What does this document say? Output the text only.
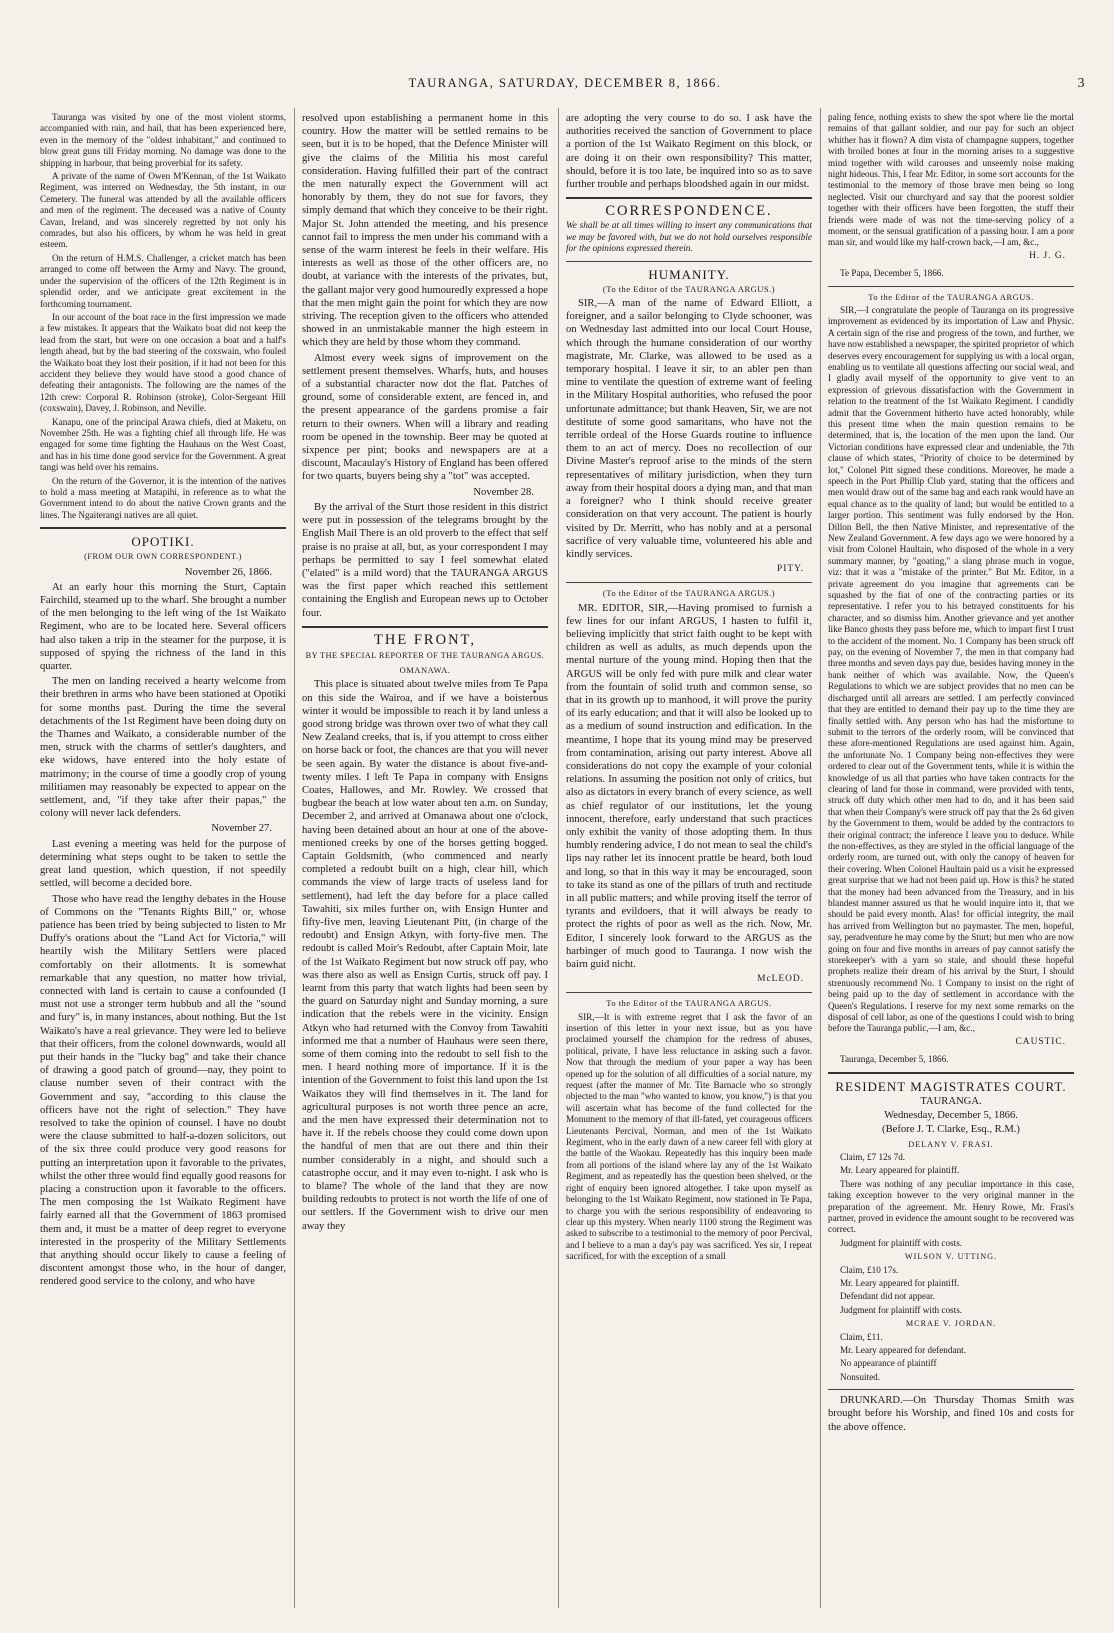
TAURANGA, SATURDAY, DECEMBER 8, 1866.	3

Tauranga was visited by one of the most violent storms, accompanied with rain, and hail, that has been experienced here, even in the memory of the "oldest inhabitant," and continued to blow great guns till Friday morning. No damage was done to the shipping in harbour, that being proverbial for its safety.

A private of the name of Owen M'Kennan, of the 1st Waikato Regiment, was interred on Wednesday, the 5th instant, in our Cemetery. The funeral was attended by all the available officers and men of the regiment. The deceased was a native of County Cavan, Ireland, and was sincerely regretted by not only his comrades, but also his officers, by whom he was held in great esteem.

On the return of H.M.S. Challenger, a cricket match has been arranged to come off between the Army and Navy. The ground, under the supervision of the officers of the 12th Regiment is in splendid order, and we anticipate great excitement in the forthcoming tournament.

In our account of the boat race in the first impression we made a few mistakes. It appears that the Waikato boat did not keep the lead from the start, but were on one occasion a boat and a half's length ahead, but by the bad steering of the coxswain, who fouled the Waikato boat they lost their position, if it had not been for this accident they believe they would have stood a good chance of defeating their antagonists. The following are the names of the 12th crew: Corporal R. Robinson (stroke), Color-Sergeant Hill (coxswain), Davey, J. Robinson, and Neville.

Kanapu, one of the principal Arawa chiefs, died at Maketu, on November 25th. He was a fighting chief all through life. He was engaged for some time fighting the Hauhaus on the West Coast, and has in his time done good service for the Government. A great tangi was held over his remains.

On the return of the Governor, it is the intention of the natives to hold a mass meeting at Matapihi, in reference as to what the Government intend to do about the native Crown grants and the lines. The Ngaiterangi natives are all quiet.

OPOTIKI.
(FROM OUR OWN CORRESPONDENT.)
November 26, 1866.

At an early hour this morning the Sturt, Captain Fairchild, steamed up to the wharf. She brought a number of the men belonging to the left wing of the 1st Waikato Regiment, who are to be located here. Several officers had also taken a trip in the steamer for the purpose, it is supposed of spying the richness of the land in this quarter.

The men on landing received a hearty welcome from their brethren in arms who have been stationed at Opotiki for some months past. During the time the several detachments of the 1st Regiment have been doing duty on the Thames and Waikato, a considerable number of the men, struck with the charms of settler's daughters, and eke widows, have entered into the holy estate of matrimony; in the course of time a goodly crop of young militiamen may reasonably be expected to appear on the settlement, and, "if they take after their papas," the colony will never lack defenders.

November 27.

Last evening a meeting was held for the purpose of determining what steps ought to be taken to settle the great land question, which question, if not speedily settled, will become a decided bore.

Those who have read the lengthy debates in the House of Commons on the "Tenants Rights Bill," or, whose patience has been tried by being subjected to listen to Mr Duffy's orations about the "Land Act for Victoria," will heartily wish the Military Settlers were placed comfortably on their allotments. It is somewhat remarkable that any question, no matter how trivial, connected with land is certain to cause a confounded (I must not use a stronger term hubbub and all the "sound and fury" is, in many instances, about nothing. But the 1st Waikato's have a real grievance. They were led to believe that their officers, from the colonel downwards, would all put their hands in the "lucky bag" and take their chance of drawing a good patch of ground—nay, they point to clause number seven of their contract with the Government and say, "according to this clause the officers have not the right of selection." They have resolved to take the opinion of counsel. I have no doubt were the clause submitted to half-a-dozen solicitors, out of the six three could produce very good reasons for putting an interpretation upon it favorable to the privates, whilst the other three would find equally good reasons for placing a construction upon it favorable to the officers. The men composing the 1st Waikato Regiment have fairly earned all that the Government of 1863 promised them and, it must be a matter of deep regret to everyone interested in the prosperity of the Military Settlements that anything should occur likely to cause a feeling of discontent amongst those who, in the hour of danger, rendered good service to the colony, and who have

resolved upon establishing a permanent home in this country. How the matter will be settled remains to be seen, but it is to be hoped, that the Defence Minister will give the claims of the Militia his most careful consideration. Having fulfilled their part of the contract the men naturally expect the Government will act honorably by them, they do not sue for favors, they simply demand that which they conceive to be their right. Major St. John attended the meeting, and his presence cannot fail to impress the men under his command with a sense of the warm interest he feels in their welfare. His interests as well as those of the other officers are, no doubt, at variance with the interests of the privates, but, the gallant major very good humouredly expressed a hope that the men might gain the point for which they are now striving. The reception given to the officers who attended showed in an unmistakable manner the high esteem in which they are held by those whom they command.

Almost every week signs of improvement on the settlement present themselves. Wharfs, huts, and houses of a substantial character now dot the flat. Patches of ground, some of considerable extent, are fenced in, and the present appearance of the gardens promise a fair return to their owners. When will a library and reading room be opened in the township. Beer may be quoted at sixpence per pint; books and newspapers are at a discount, Macaulay's History of England has been offered for two quarts, buyers being shy a "tot" was accepted.

November 28.

By the arrival of the Sturt those resident in this district were put in possession of the telegrams brought by the English Mail There is an old proverb to the effect that self praise is no praise at all, but, as your correspondent I may perhaps be permitted to say I feel somewhat elated ("elated" is a mild word) that the TAURANGA ARGUS was the first paper which reached this settlement containing the English and European news up to October four.

THE FRONT,
BY THE SPECIAL REPORTER OF THE TAURANGA ARGUS.
OMANAWA.

This place is situated about twelve miles from Te Papa on this side the Wairoa, and if we have a boisterous winter it would be impossible to reach it by land unless a good strong bridge was thrown over two of what they call New Zealand creeks, that is, if you attempt to cross either on horse back or foot, the chances are that you will never be seen again. By water the distance is about five-and-twenty miles. I left Te Papa in company with Ensigns Coates, Hallowes, and Mr. Rowley. We crossed that bugbear the beach at low water about ten a.m. on Sunday, December 2, and arrived at Omanawa about one o'clock, having been detained about an hour at one of the above-mentioned creeks by one of the horses getting bogged. Captain Goldsmith, (who commenced and nearly completed a redoubt built on a high, clear hill, which commands the view of large tracts of useless land for settlement), had left the day before for a place called Tawahiti, six miles further on, with Ensign Hunter and fifty-five men, leaving Lieutenant Pitt, (in charge of the redoubt) and Ensign Atkyn, with forty-five men. The redoubt is called Moir's Redoubt, after Captain Moir, late of the 1st Waikato Regiment but now struck off pay, who was there also as well as Ensign Curtis, struck off pay. I learnt from this party that watch lights had been seen by the guard on Saturday night and Sunday morning, a sure indication that the rebels were in the vicinity. Ensign Atkyn who had returned with the Convoy from Tawahiti informed me that a number of Hauhaus were seen there, some of them coming into the redoubt to sell fish to the men. I heard nothing more of importance. If it is the intention of the Government to foist this land upon the 1st Waikatos they will find themselves in it. The land for agricultural purposes is not worth three pence an acre, and the men have expressed their determination not to have it. If the rebels choose they could come down upon the handful of men that are out there and thin their number considerably in a night, and should such a catastrophe occur, and it may even to-night. I ask who is to blame? The whole of the land that they are now building redoubts to protect is not worth the life of one of our settlers. If the Government wish to drive our men away they

are adopting the very course to do so. I ask have the authorities received the sanction of Government to place a portion of the 1st Waikato Regiment on this block, or are doing it on their own responsibility? This matter, should, before it is too late, be inquired into so as to save further trouble and perhaps bloodshed again in our midst.

CORRESPONDENCE.
We shall be at all times willing to insert any communications that we may be favored with, but we do not hold ourselves responsible for the opinions expressed therein.
HUMANITY.
(To the Editor of the TAURANGA ARGUS.)

SIR,—A man of the name of Edward Elliott, a foreigner, and a sailor belonging to Clyde schooner, was on Wednesday last admitted into our local Court House, which through the humane consideration of our worthy magistrate, Mr. Clarke, was allowed to be used as a temporary hospital. I leave it sir, to an abler pen than mine to ventilate the question of extreme want of feeling in the Military Hospital authorities, who refused the poor unfortunate admittance; but thank Heaven, Sir, we are not destitute of some good samaritans, who have not the terrible ordeal of the Horse Guards routine to influence them to an act of mercy. Does no recollection of our Divine Master's reproof arise to the minds of the stern representatives of military jurisdiction, when they turn away from their hospital doors a dying man, and that man a foreigner? who I think should receive greater consideration on that very account. The patient is hourly visited by Dr. Merritt, who has nobly and at a personal sacrifice of very valuable time, volunteered his able and kindly services.

PITY.
(To the Editor of the TAURANGA ARGUS.)

MR. EDITOR, SIR,—Having promised to furnish a few lines for our infant ARGUS, I hasten to fulfil it, believing implicitly that strict faith ought to be kept with children as well as adults, as much depends upon the mental nurture of the young mind. Hoping then that the ARGUS will be only fed with pure milk and clear water from the fountain of solid truth and common sense, so that in its growth up to manhood, it will prove the purity of its early education; and that it will also be looked up to as a medium of sound instruction and edification. In the meantime, I hope that its young mind may be preserved from contamination, arising out party interest. Above all considerations do not copy the example of your colonial relations. In assuming the position not only of critics, but also as dictators in every branch of every science, as well as chief regulator of our institutions, let the young innocent, therefore, early understand that such practices only exhibit the vanity of those adopting them. In thus humbly rendering advice, I do not mean to seal the child's lips nay rather let its innocent prattle be heard, both loud and long, so that in this way it may be encouraged, soon to take its stand as one of the pillars of truth and rectitude in all public matters; and while proving itself the terror of tyrants and evildoers, that it will always be ready to protect the rights of poor as well as the rich. Now, Mr. Editor, I sincerely look forward to the ARGUS as the harbinger of much good to Tauranga. I now wish the bairn guid nicht.

McLEOD.
To the Editor of the TAURANGA ARGUS.

SIR,—It is with extreme regret that I ask the favor of an insertion of this letter in your next issue, but as you have proclaimed yourself the champion for the redress of abuses, political, private, I have less reluctance in asking such a favor. Now that through the medium of your paper a way has been opened up for the solution of all difficulties of a social nature, my request (after the manner of Mr. Tite Barnacle who so strongly objected to the man "who wanted to know, you know,") is that you will ascertain what has become of the fund collected for the Monument to the memory of that ill-fated, yet courageous officers Lieutenants Percival, Norman, and men of the 1st Waikato Regiment, who in the early dawn of a new career fell with glory at the battle of the Waokau. Repeatedly has this inquiry been made from all portions of the island where lay any of the 1st Waikato Regiment, and as repeatedly has the question been shelved, or the right of enquiry been ignored altogether. I take upon myself as belonging to the 1st Waikato Regiment, now stationed in Te Papa, to charge you with the serious responsibility of endeavoring to clear up this mystery. When nearly 1100 strong the Regiment was asked to subscribe to a testimonial to the memory of poor Percival, and I believe to a man a day's pay was sacrificed. Yes sir, I repeat sacrificed, for with the exception of a small

paling fence, nothing exists to shew the spot where lie the mortal remains of that gallant soldier, and our pay for such an object whither has it flown? A dim vista of champagne suppers, together with broiled bones at four in the morning arises to a suggestive mind together with wild carouses and unseemly noise making night hideous. This, I fear Mr. Editor, in some sort accounts for the testimonial to the memory of those brave men being so long neglected. Visit our churchyard and say that the poorest soldier together with their officers have been forgotten, the stuff their friends were made of was not the time-serving policy of a moment, or the sensual gratification of a passing hour. I am a poor man sir, and would like my half-crown back,—I am, &c.,

H. J. G.
Te Papa, December 5, 1866.
To the Editor of the TAURANGA ARGUS.

SIR,—I congratulate the people of Tauranga on its progressive improvement as evidenced by its importation of Law and Physic. A certain sign of the rise and progress of the town, and further, we have now established a newspaper, the spirited proprietor of which deserves every encouragement for supplying us with a local organ, enabling us to ventilate all questions affecting our social weal, and I gladly avail myself of the opportunity to give vent to an expression of grievous dissatisfaction with the Government in relation to the treatment of the 1st Waikato Regiment. I candidly admit that the Government hitherto have acted honorably, while this present time when the main question remains to be determined, that is, the location of the men upon the land. Our Victorian conditions have expressed clear and undeniable, the 7th clause of which states, "Priority of choice to be determined by lot," Colonel Pitt signed these conditions. Moreover, he made a speech in the Port Phillip Club yard, stating that the officers and men would draw out of the same bag and each rank would have an equal chance as to the quality of land; but would be entitled to a larger portion. This sentiment was fully endorsed by the Hon. Dillon Bell, the then Native Minister, and representative of the New Zealand Government. A few days ago we were honored by a visit from Colonel Haultain, who disposed of the whole in a very summary manner, by "goating," a slang phrase much in vogue, viz: that it was a "mistake of the printer." But Mr. Editor, in a private agreement do you imagine that agreements can be squashed by the fiat of one of the contracting parties or its representative. I refer you to his betrayed constituents for his character, and so dismiss him. Another grievance and yet another like Banco ghosts they pass before me, which to impart first I trust to the accident of the moment. No. 1 Company has been struck off pay, on the evening of November 7, the men in that company had three months and seven days pay due, besides having money in the bank neither of which was available. Now, the Queen's Regulations to which we are subject provides that no men can be discharged until all arrears are settled. I am perfectly convinced that they are entitled to demand their pay up to the time they are finally settled with. Any person who has had the misfortune to submit to the terrors of the orderly room, will be convinced that these afore-mentioned Regulations are used against him. Again, the unfortunate No. 1 Company being non-effectives they were ordered to clear out of the Government tents, while it is within the knowledge of us all that parties who have taken contracts for the clearing of land for those in command, were provided with tents, struck off duty which other men had to do, and it has been said that when their Company's were struck off pay that the 2s 6d given by the Government to them, would be added by the contractors to their original contract; the inference I leave you to deduce. While the non-effectives, as they are styled in the official language of the orderly room, are turned out, with only the canopy of heaven for their covering. When Colonel Haultain paid us a visit he expressed great surprise that we had not been paid up. How is this? he stated that the money had been advanced from the Treasury, and in his blandest manner assured us that he would inquire into it, that we should be paid every month. Alas! for official integrity, the mail has arrived from Wellington but no paymaster. The men, hopeful, say, peradventure he may come by the Sturt; but men who are now going on four and five months in arrears of pay cannot satisfy the storekeeper's with a yarn so stale, and should these hopeful prophets realize their dream of his arrival by the Sturt, I should strenuously recommend No. 1 Company to insist on the right of being paid up to the day of settlement in accordance with the Queen's Regulations. I reserve for my next some remarks on the disposal of cell labor, as one of the questions I could wish to bring before the Tauranga public,—I am, &c.,

CAUSTIC.
Tauranga, December 5, 1866.
RESIDENT MAGISTRATES COURT.
TAURANGA.
Wednesday, December 5, 1866.
(Before J. T. Clarke, Esq., R.M.)
DELANY V. FRASI.

Claim, £7 12s 7d.

Mr. Leary appeared for plaintiff.

There was nothing of any peculiar importance in this case, taking exception however to the very original manner in the preparation of the agreement. Mr. Henry Rowe, Mr. Frasi's partner, proved in evidence the amount sought to be recovered was correct.

Judgment for plaintiff with costs.

WILSON V. UTTING.

Claim, £10 17s.

Mr. Leary appeared for plaintiff.

Defendant did not appear.

Judgment for plaintiff with costs.

MCRAE V. JORDAN.

Claim, £11.

Mr. Leary appeared for defendant.

No appearance of plaintiff

Nonsuited.

DRUNKARD.—On Thursday Thomas Smith was brought before his Worship, and fined 10s and costs for the above offence.
